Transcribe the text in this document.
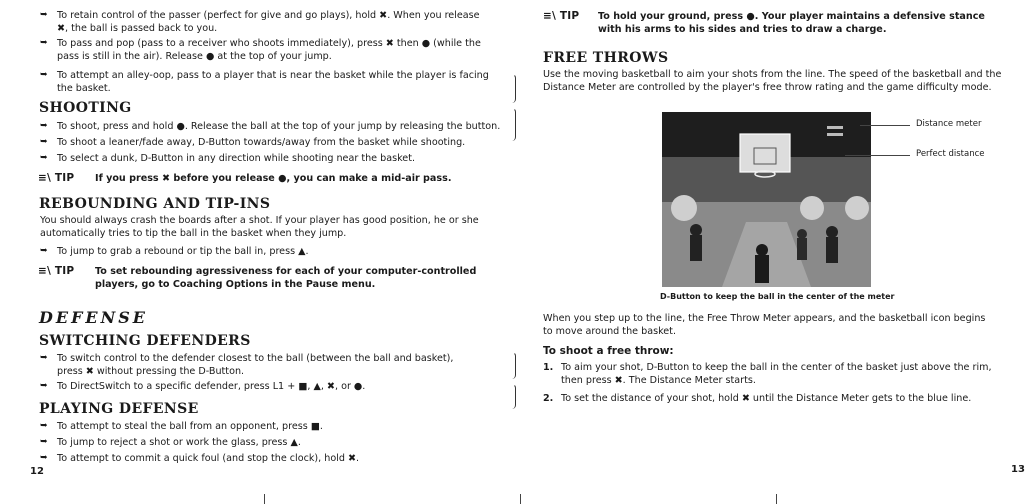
➥ To retain control of the passer (perfect for give and go plays), hold ✖. When you release
✖, the ball is passed back to you.
➥ To pass and pop (pass to a receiver who shoots immediately), press ✖ then ● (while the
pass is still in the air). Release ● at the top of your jump.
➥ To attempt an alley-oop, pass to a player that is near the basket while the player is facing
the basket.
SHOOTING
➥ To shoot, press and hold ●. Release the ball at the top of your jump by releasing the button.
➥ To shoot a leaner/fade away, D-Button towards/away from the basket while shooting.
➥ To select a dunk, D-Button in any direction while shooting near the basket.
≡\ TIP	If you press ✖ before you release ●, you can make a mid-air pass.
REBOUNDING AND TIP-INS
You should always crash the boards after a shot. If your player has good position, he or she
automatically tries to tip the ball in the basket when they jump.
➥ To jump to grab a rebound or tip the ball in, press ▲.
≡\ TIP	To set rebounding agressiveness for each of your computer-controlled
players, go to Coaching Options in the Pause menu.
DEFENSE
SWITCHING DEFENDERS
➥ To switch control to the defender closest to the ball (between the ball and basket),
press ✖ without pressing the D-Button.
➥ To DirectSwitch to a specific defender, press L1 + ■, ▲, ✖, or ●.
PLAYING DEFENSE
➥ To attempt to steal the ball from an opponent, press ■.
➥ To jump to reject a shot or work the glass, press ▲.
➥ To attempt to commit a quick foul (and stop the clock), hold ✖.
12
≡\ TIP	To hold your ground, press ●. Your player maintains a defensive stance
with his arms to his sides and tries to draw a charge.
FREE THROWS
Use the moving basketball to aim your shots from the line. The speed of the basketball and the
Distance Meter are controlled by the player's free throw rating and the game difficulty mode.
Distance meter
Perfect distance
D-Button to keep the ball in the center of the meter
When you step up to the line, the Free Throw Meter appears, and the basketball icon begins
to move around the basket.
To shoot a free throw:
1. To aim your shot, D-Button to keep the ball in the center of the basket just above the rim,
then press ✖. The Distance Meter starts.
2. To set the distance of your shot, hold ✖ until the Distance Meter gets to the blue line.
13
